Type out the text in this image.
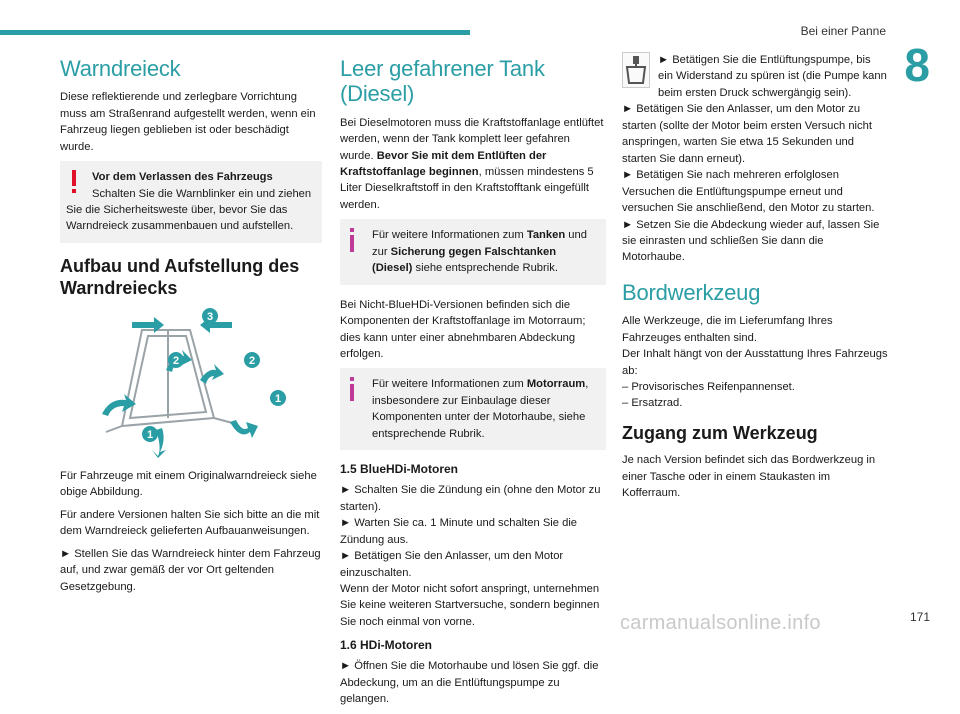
Bei einer Panne
8
Warndreieck

Diese reflektierende und zerlegbare Vorrichtung muss am Straßenrand aufgestellt werden, wenn ein Fahrzeug liegen geblieben ist oder beschädigt wurde.

Vor dem Verlassen des Fahrzeugs

Schalten Sie die Warnblinker ein und ziehen

Sie die Sicherheitsweste über, bevor Sie das Warndreieck zusammenbauen und aufstellen.

Aufbau und Aufstellung des Warndreiecks
3
2	2
1
1

Für Fahrzeuge mit einem Originalwarndreieck siehe obige Abbildung.

Für andere Versionen halten Sie sich bitte an die mit dem Warndreieck gelieferten Aufbauanweisungen.

► Stellen Sie das Warndreieck hinter dem Fahrzeug auf, und zwar gemäß der vor Ort geltenden Gesetzgebung.

Leer gefahrener Tank (Diesel)

Bei Dieselmotoren muss die Kraftstoffanlage entlüftet werden, wenn der Tank komplett leer gefahren wurde. Bevor Sie mit dem Entlüften der Kraftstoffanlage beginnen, müssen mindestens 5 Liter Dieselkraftstoff in den Kraftstofftank eingefüllt werden.

Für weitere Informationen zum Tanken und zur Sicherung gegen Falschtanken (Diesel) siehe entsprechende Rubrik.

Bei Nicht-BlueHDi-Versionen befinden sich die Komponenten der Kraftstoffanlage im Motorraum; dies kann unter einer abnehmbaren Abdeckung erfolgen.

Für weitere Informationen zum Motorraum, insbesondere zur Einbaulage dieser Komponenten unter der Motorhaube, siehe entsprechende Rubrik.

1.5 BlueHDi-Motoren

► Schalten Sie die Zündung ein (ohne den Motor zu starten).

► Warten Sie ca. 1 Minute und schalten Sie die Zündung aus.

► Betätigen Sie den Anlasser, um den Motor einzuschalten.

Wenn der Motor nicht sofort anspringt, unternehmen Sie keine weiteren Startversuche, sondern beginnen Sie noch einmal von vorne.

1.6 HDi-Motoren

► Öffnen Sie die Motorhaube und lösen Sie ggf. die Abdeckung, um an die Entlüftungspumpe zu gelangen.

► Betätigen Sie die Entlüftungspumpe, bis ein Widerstand zu spüren ist (die Pumpe kann beim ersten Druck schwergängig sein).

► Betätigen Sie den Anlasser, um den Motor zu starten (sollte der Motor beim ersten Versuch nicht anspringen, warten Sie etwa 15 Sekunden und starten Sie dann erneut).

► Betätigen Sie nach mehreren erfolglosen Versuchen die Entlüftungspumpe erneut und versuchen Sie anschließend, den Motor zu starten.

► Setzen Sie die Abdeckung wieder auf, lassen Sie sie einrasten und schließen Sie dann die Motorhaube.

Bordwerkzeug

Alle Werkzeuge, die im Lieferumfang Ihres Fahrzeuges enthalten sind.

Der Inhalt hängt von der Ausstattung Ihres Fahrzeugs ab:

– Provisorisches Reifenpannenset.

– Ersatzrad.

Zugang zum Werkzeug

Je nach Version befindet sich das Bordwerkzeug in einer Tasche oder in einem Staukasten im Kofferraum.

carmanualsonline.info	171
